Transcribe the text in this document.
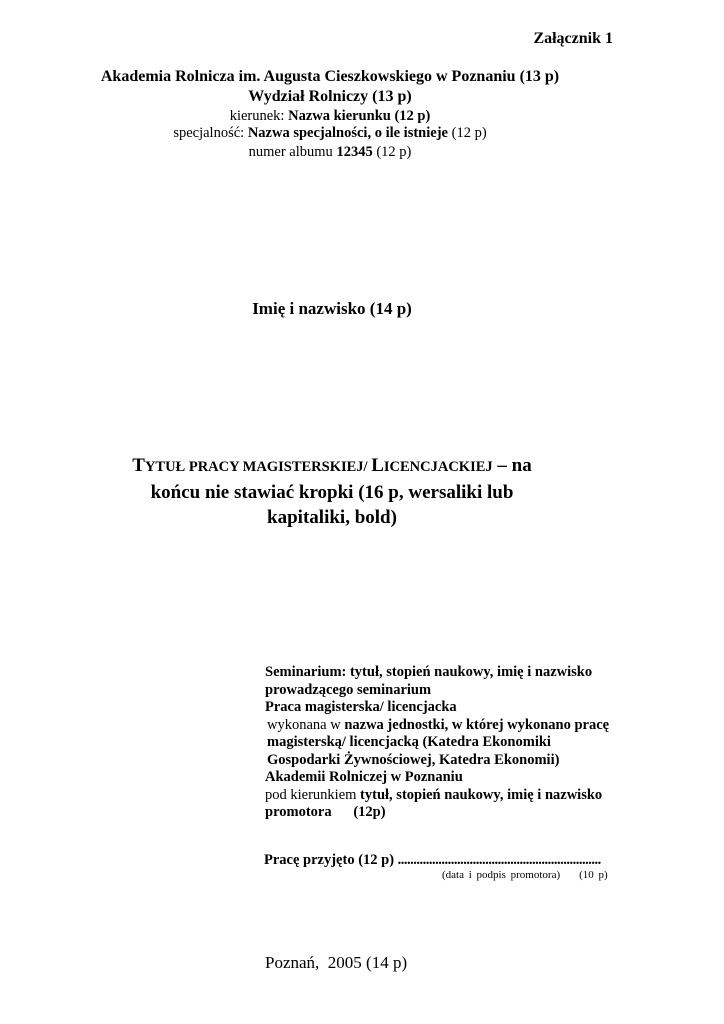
Załącznik 1
Akademia Rolnicza im. Augusta Cieszkowskiego w Poznaniu (13 p)
Wydział Rolniczy (13 p)
kierunek: Nazwa kierunku (12 p)
specjalność: Nazwa specjalności, o ile istnieje (12 p)
numer albumu 12345 (12 p)
Imię i nazwisko (14 p)
TYTUŁ PRACY MAGISTERSKIEJ/ LICENCJACKIEJ – na
końcu nie stawiać kropki (16 p, wersaliki lub
kapitaliki, bold)
Seminarium: tytuł, stopień naukowy, imię i nazwisko
prowadzącego seminarium
Praca magisterska/ licencjacka
wykonana w nazwa jednostki, w której wykonano pracę
magisterską/ licencjacką (Katedra Ekonomiki
Gospodarki Żywnościowej, Katedra Ekonomii)
Akademii Rolniczej w Poznaniu
pod kierunkiem tytuł, stopień naukowy, imię i nazwisko
promotora      (12p)
Pracę przyjęto (12 p) .................................................................
(data i podpis promotora)    (10 p)
Poznań,  2005 (14 p)
